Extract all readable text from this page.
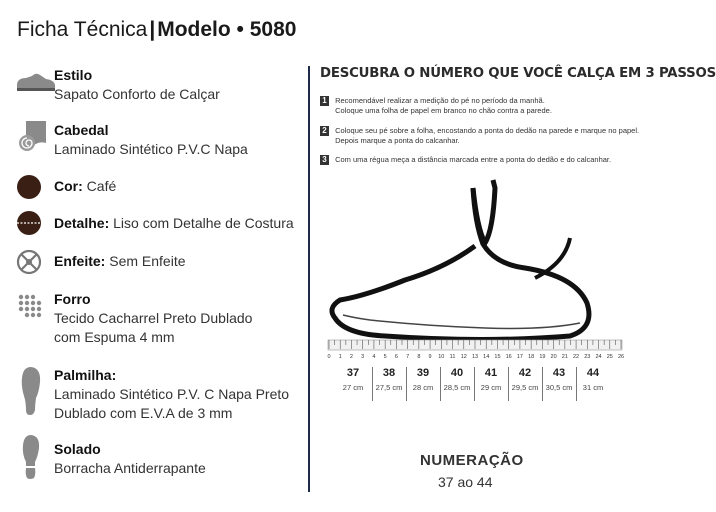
Ficha Técnica|Modelo • 5080
Estilo
Sapato Conforto de Calçar
Cabedal
Laminado Sintético P.V.C Napa
Cor: Café
Detalhe: Liso com Detalhe de Costura
Enfeite: Sem Enfeite
Forro
Tecido Cacharrel Preto Dublado
com Espuma 4 mm
Palmilha:
Laminado Sintético P.V. C Napa Preto
Dublado com E.V.A de 3 mm
Solado
Borracha Antiderrapante
DESCUBRA O NÚMERO QUE VOCÊ CALÇA EM 3 PASSOS
1 Recomendável realizar a medição do pé no período da manhã.
Coloque uma folha de papel em branco no chão contra a parede.
2 Coloque seu pé sobre a folha, encostando a ponta do dedão na parede e marque no papel.
Depois marque a ponta do calcanhar.
3 Com uma régua meça a distância marcada entre a ponta do dedão e do calcanhar.
0 1 2 3 4 5 6 7 8 9 10 11 12 13 14 15 16 17 18 19 20 21 22 23 24 25 26
37
27 cm
38
27,5 cm
39
28 cm
40
28,5 cm
41
29 cm
42
29,5 cm
43
30,5 cm
44
31 cm
NUMERAÇÃO
37 ao 44
